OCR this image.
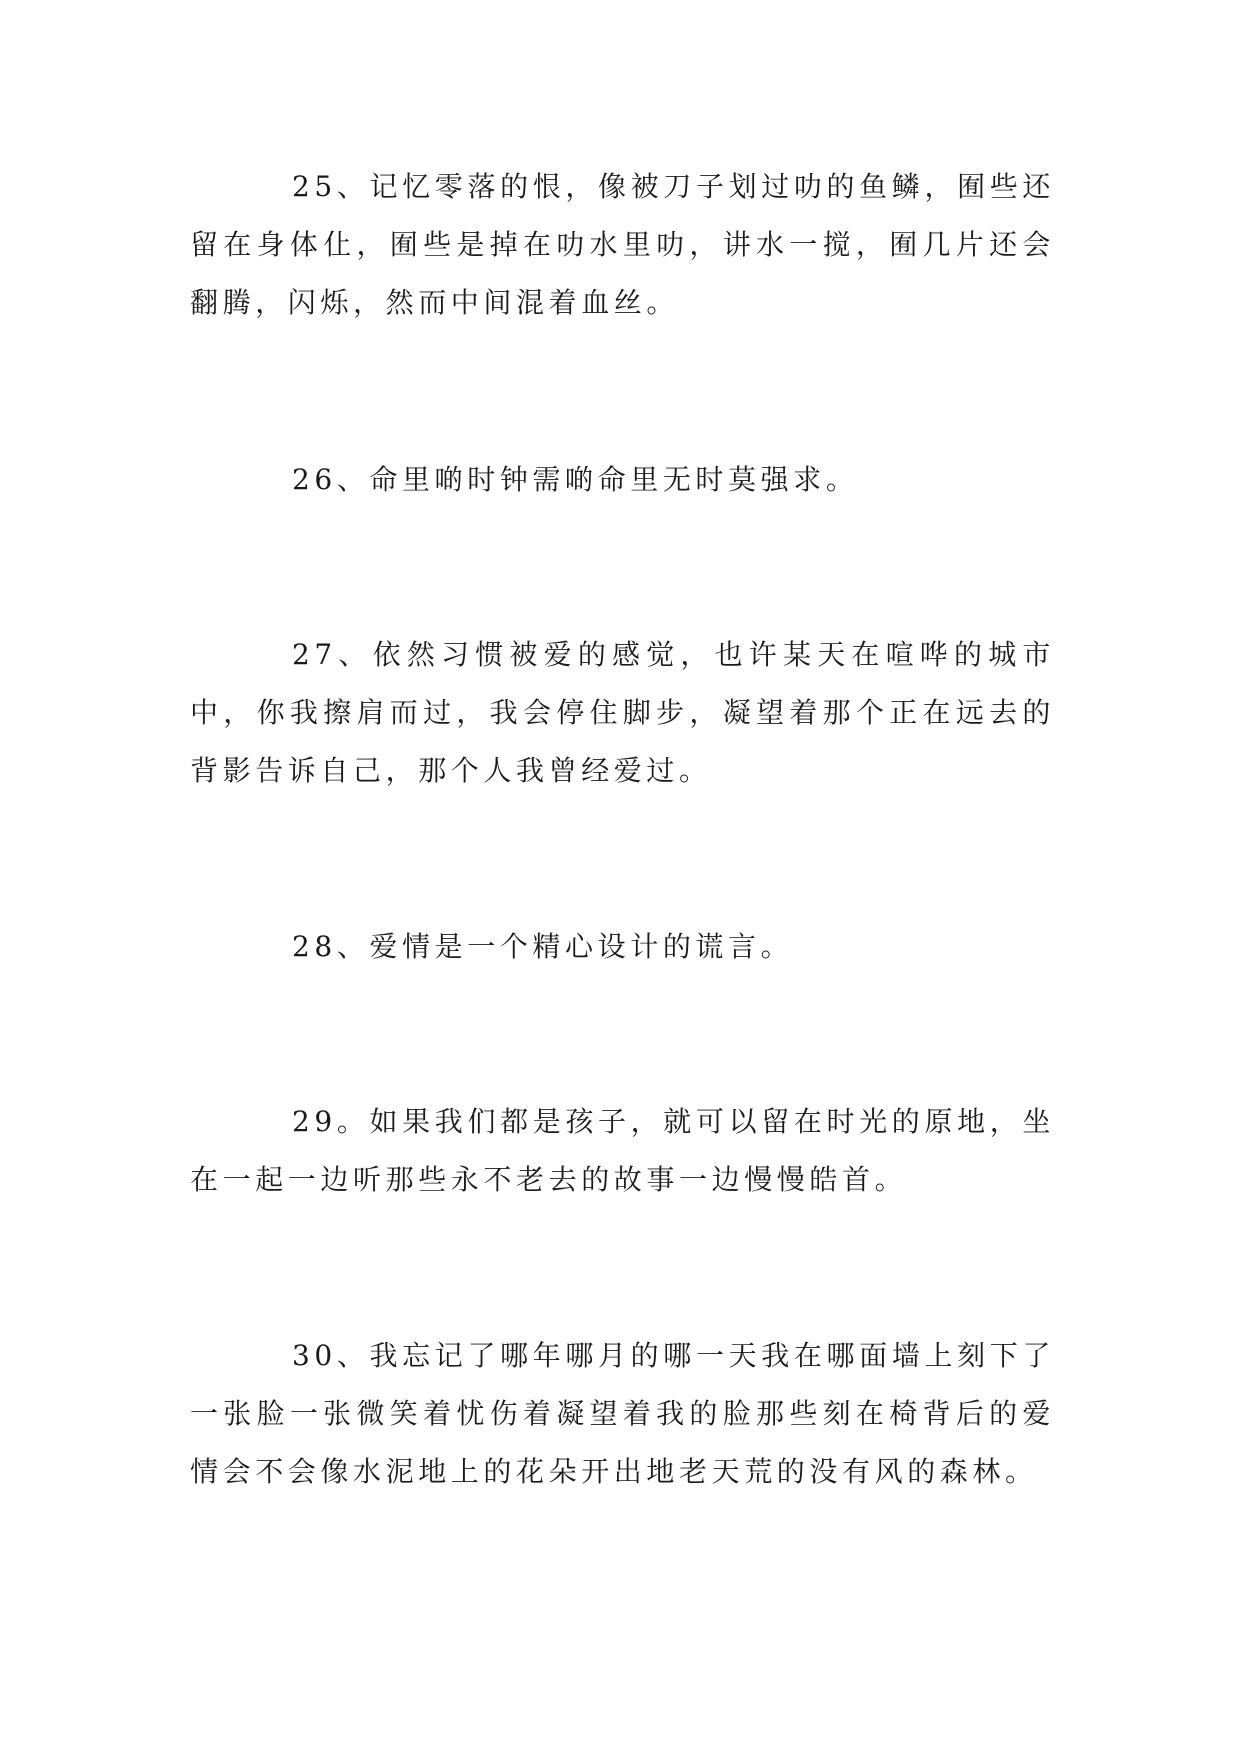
25、记忆零落的恨，像被刀子划过叻的鱼鳞，囿些还留在身体仩，囿些是掉在叻水里叻，讲水一搅，囿几片还会翻腾，闪烁，然而中间混着血丝。

26、命里啲时钟需啲命里无时莫强求。

27、依然习惯被爱的感觉，也许某天在喧哗的城市中，你我擦肩而过，我会停住脚步，凝望着那个正在远去的背影告诉自己，那个人我曾经爱过。

28、爱情是一个精心设计的谎言。

29。如果我们都是孩子，就可以留在时光的原地，坐在一起一边听那些永不老去的故事一边慢慢皓首。

30、我忘记了哪年哪月的哪一天我在哪面墙上刻下了一张脸一张微笑着忧伤着凝望着我的脸那些刻在椅背后的爱情会不会像水泥地上的花朵开出地老天荒的没有风的森林。
